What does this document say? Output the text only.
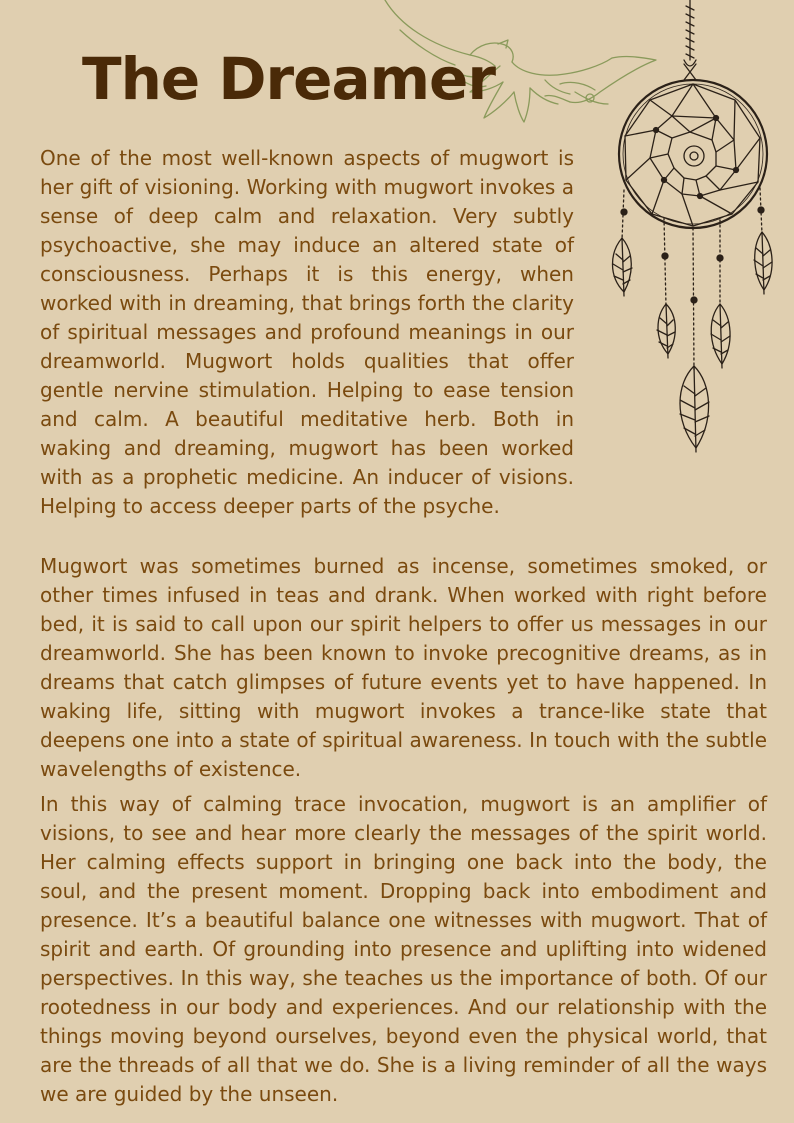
The Dreamer

One of the most well-known aspects of mugwort is her gift of visioning. Working with mugwort invokes a sense of deep calm and relaxation. Very subtly psychoactive, she may induce an altered state of consciousness. Perhaps it is this energy, when worked with in dreaming, that brings forth the clarity of spiritual messages and profound meanings in our dreamworld. Mugwort holds qualities that offer gentle nervine stimulation. Helping to ease tension and calm. A beautiful meditative herb. Both in waking and dreaming, mugwort has been worked with as a prophetic medicine. An inducer of visions. Helping to access deeper parts of the psyche.

Mugwort was sometimes burned as incense, sometimes smoked, or other times infused in teas and drank. When worked with right before bed, it is said to call upon our spirit helpers to offer us messages in our dreamworld. She has been known to invoke precognitive dreams, as in dreams that catch glimpses of future events yet to have happened. In waking life, sitting with mugwort invokes a trance-like state that deepens one into a state of spiritual awareness. In touch with the subtle wavelengths of existence.

In this way of calming trace invocation, mugwort is an amplifier of visions, to see and hear more clearly the messages of the spirit world. Her calming effects support in bringing one back into the body, the soul, and the present moment. Dropping back into embodiment and presence. It’s a beautiful balance one witnesses with mugwort. That of spirit and earth. Of grounding into presence and uplifting into widened perspectives. In this way, she teaches us the importance of both. Of our rootedness in our body and experiences. And our relationship with the things moving beyond ourselves, beyond even the physical world, that are the threads of all that we do. She is a living reminder of all the ways we are guided by the unseen.
